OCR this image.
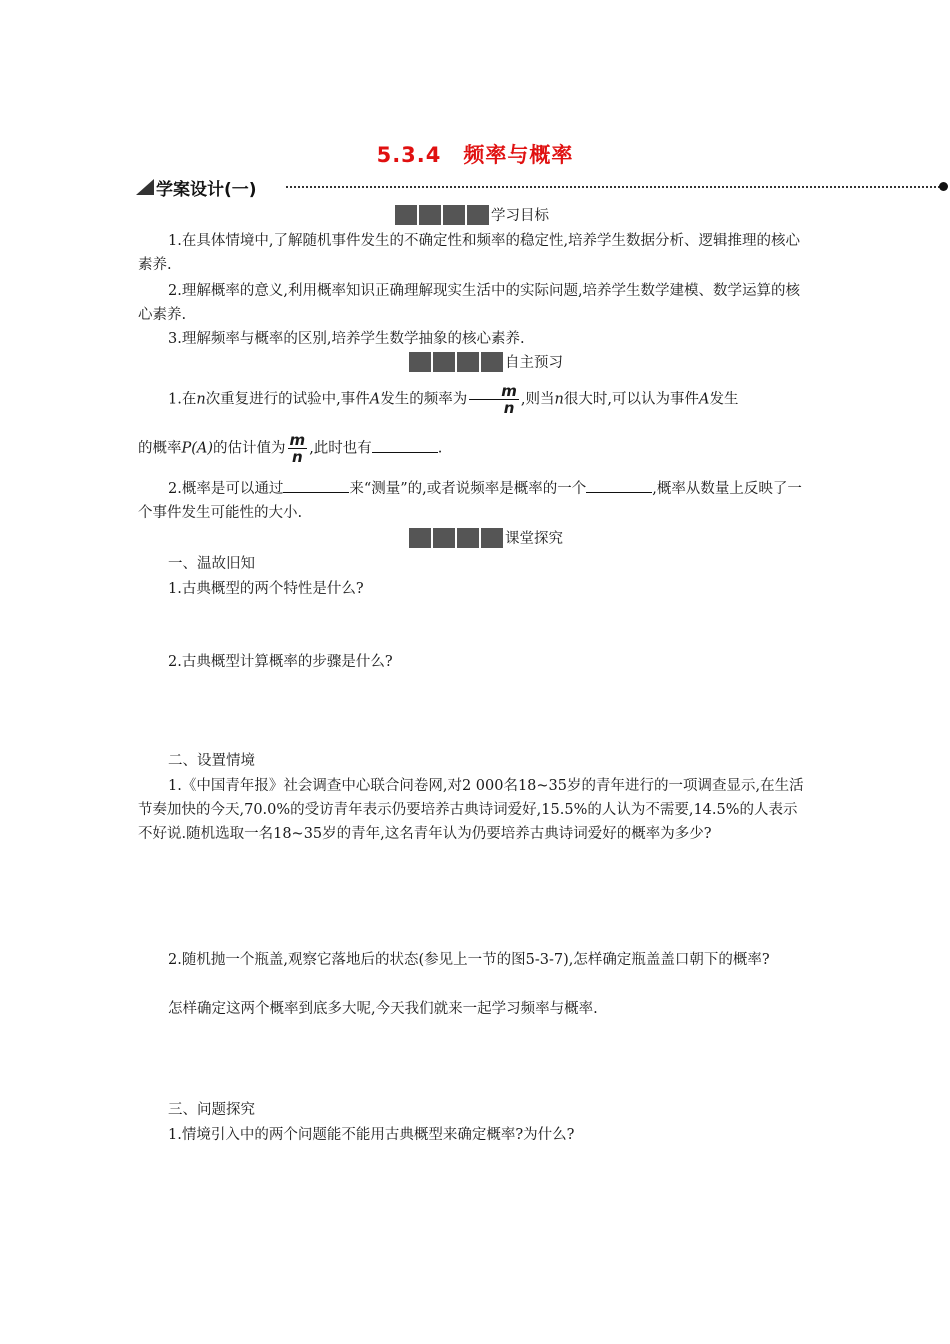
5.3.4　频率与概率
学案设计(一)
学习目标
1.在具体情境中,了解随机事件发生的不确定性和频率的稳定性,培养学生数据分析、逻辑推理的核心素养.
2.理解概率的意义,利用概率知识正确理解现实生活中的实际问题,培养学生数学建模、数学运算的核心素养.
3.理解频率与概率的区别,培养学生数学抽象的核心素养.
自主预习
1.在n次重复进行的试验中,事件A发生的频率为 $\frac{m}{n}$ ,则当n很大时,可以认为事件A发生
的概率P(A)的估计值为 $\frac{m}{n}$ ,此时也有	.
2.概率是可以通过	来“测量”的,或者说频率是概率的一个	,概率从数量上反映了一个事件发生可能性的大小.
课堂探究
一、温故旧知
1.古典概型的两个特性是什么?
2.古典概型计算概率的步骤是什么?
二、设置情境
1.《中国青年报》社会调查中心联合问卷网,对2 000名18~35岁的青年进行的一项调查显示,在生活节奏加快的今天,70.0%的受访青年表示仍要培养古典诗词爱好,15.5%的人认为不需要,14.5%的人表示不好说.随机选取一名18~35岁的青年,这名青年认为仍要培养古典诗词爱好的概率为多少?
2.随机抛一个瓶盖,观察它落地后的状态(参见上一节的图5-3-7),怎样确定瓶盖盖口朝下的概率?
怎样确定这两个概率到底多大呢,今天我们就来一起学习频率与概率.
三、问题探究
1.情境引入中的两个问题能不能用古典概型来确定概率?为什么?
